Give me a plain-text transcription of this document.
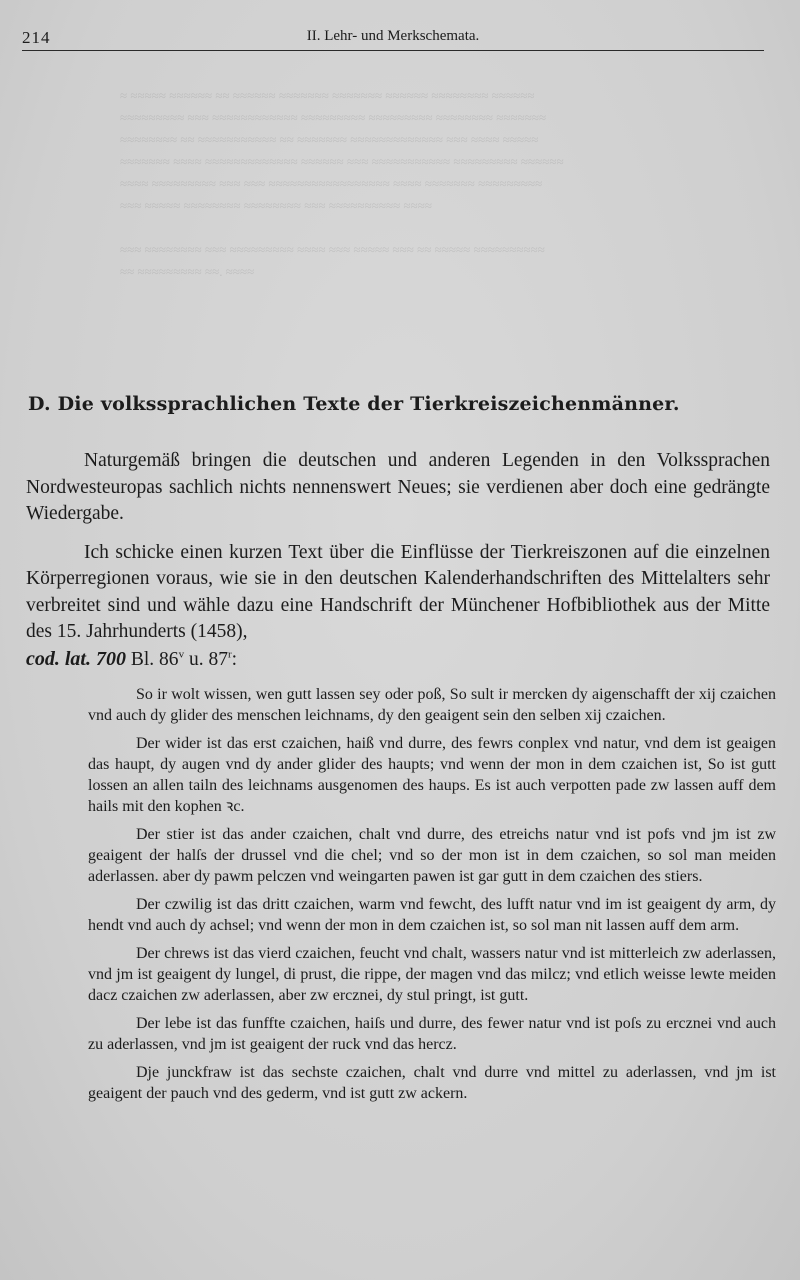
≈ ≈≈≈≈≈ ≈≈≈≈≈≈ ≈≈ ≈≈≈≈≈≈ ≈≈≈≈≈≈≈ ≈≈≈≈≈≈≈ ≈≈≈≈≈≈ ≈≈≈≈≈≈≈≈ ≈≈≈≈≈≈

≈≈≈≈≈≈≈≈≈ ≈≈≈ ≈≈≈≈≈≈≈≈≈≈≈≈ ≈≈≈≈≈≈≈≈≈ ≈≈≈≈≈≈≈≈≈ ≈≈≈≈≈≈≈≈ ≈≈≈≈≈≈≈

≈≈≈≈≈≈≈≈ ≈≈ ≈≈≈≈≈≈≈≈≈≈≈ ≈≈ ≈≈≈≈≈≈≈ ≈≈≈≈≈≈≈≈≈≈≈≈≈ ≈≈≈ ≈≈≈≈ ≈≈≈≈≈

≈≈≈≈≈≈≈ ≈≈≈≈ ≈≈≈≈≈≈≈≈≈≈≈≈≈ ≈≈≈≈≈≈ ≈≈≈ ≈≈≈≈≈≈≈≈≈≈≈ ≈≈≈≈≈≈≈≈≈ ≈≈≈≈≈≈

≈≈≈≈ ≈≈≈≈≈≈≈≈≈ ≈≈≈ ≈≈≈ ≈≈≈≈≈≈≈≈≈≈≈≈≈≈≈≈≈ ≈≈≈≈ ≈≈≈≈≈≈≈ ≈≈≈≈≈≈≈≈≈

≈≈≈ ≈≈≈≈≈ ≈≈≈≈≈≈≈≈ ≈≈≈≈≈≈≈≈ ≈≈≈ ≈≈≈≈≈≈≈≈≈≈ ≈≈≈≈

≈≈≈ ≈≈≈≈≈≈≈≈ ≈≈≈ ≈≈≈≈≈≈≈≈≈ ≈≈≈≈ ≈≈≈ ≈≈≈≈≈ ≈≈≈ ≈≈ ≈≈≈≈≈ ≈≈≈≈≈≈≈≈≈≈

≈≈ ≈≈≈≈≈≈≈≈≈ ≈≈. ≈≈≈≈

214	II. Lehr- und Merkschemata.
D. Die volkssprachlichen Texte der Tierkreiszeichenmänner.

Naturgemäß bringen die deutschen und anderen Legenden in den Volkssprachen Nordwesteuropas sachlich nichts nennenswert Neues; sie verdienen aber doch eine gedrängte Wiedergabe.

Ich schicke einen kurzen Text über die Einflüsse der Tierkreiszonen auf die einzelnen Körperregionen voraus, wie sie in den deutschen Kalenderhandschriften des Mittelalters sehr verbreitet sind und wähle dazu eine Handschrift der Münchener Hofbibliothek aus der Mitte des 15. Jahrhunderts (1458),
cod. lat. 700 Bl. 86$^v$ u. 87$^r$:

So ir wolt wissen, wen gutt lassen sey oder poß, So sult ir mercken dy aigenschafft der xij czaichen vnd auch dy glider des menschen leichnams, dy den geaigent sein den selben xij czaichen.

Der wider ist das erst czaichen, haiß vnd durre, des fewrs conplex vnd natur, vnd dem ist geaigen das haupt, dy augen vnd dy ander glider des haupts; vnd wenn der mon in dem czaichen ist, So ist gutt lossen an allen tailn des leichnams ausgenomen des haups. Es ist auch verpotten pade zw lassen auff dem hails mit den kophen ꝛc.

Der stier ist das ander czaichen, chalt vnd durre, des etreichs natur vnd ist pofs vnd jm ist zw geaigent der halſs der drussel vnd die chel; vnd so der mon ist in dem czaichen, so sol man meiden aderlassen. aber dy pawm pelczen vnd weingarten pawen ist gar gutt in dem czaichen des stiers.

Der czwilig ist das dritt czaichen, warm vnd fewcht, des lufft natur vnd im ist geaigent dy arm, dy hendt vnd auch dy achsel; vnd wenn der mon in dem czaichen ist, so sol man nit lassen auff dem arm.

Der chrews ist das vierd czaichen, feucht vnd chalt, wassers natur vnd ist mitterleich zw aderlassen, vnd jm ist geaigent dy lungel, di prust, die rippe, der magen vnd das milcz; vnd etlich weisse lewte meiden dacz czaichen zw aderlassen, aber zw ercznei, dy stul pringt, ist gutt.

Der lebe ist das funffte czaichen, haiſs und durre, des fewer natur vnd ist poſs zu ercznei vnd auch zu aderlassen, vnd jm ist geaigent der ruck vnd das hercz.

Dje junckfraw ist das sechste czaichen, chalt vnd durre vnd mittel zu aderlassen, vnd jm ist geaigent der pauch vnd des gederm, vnd ist gutt zw ackern.
